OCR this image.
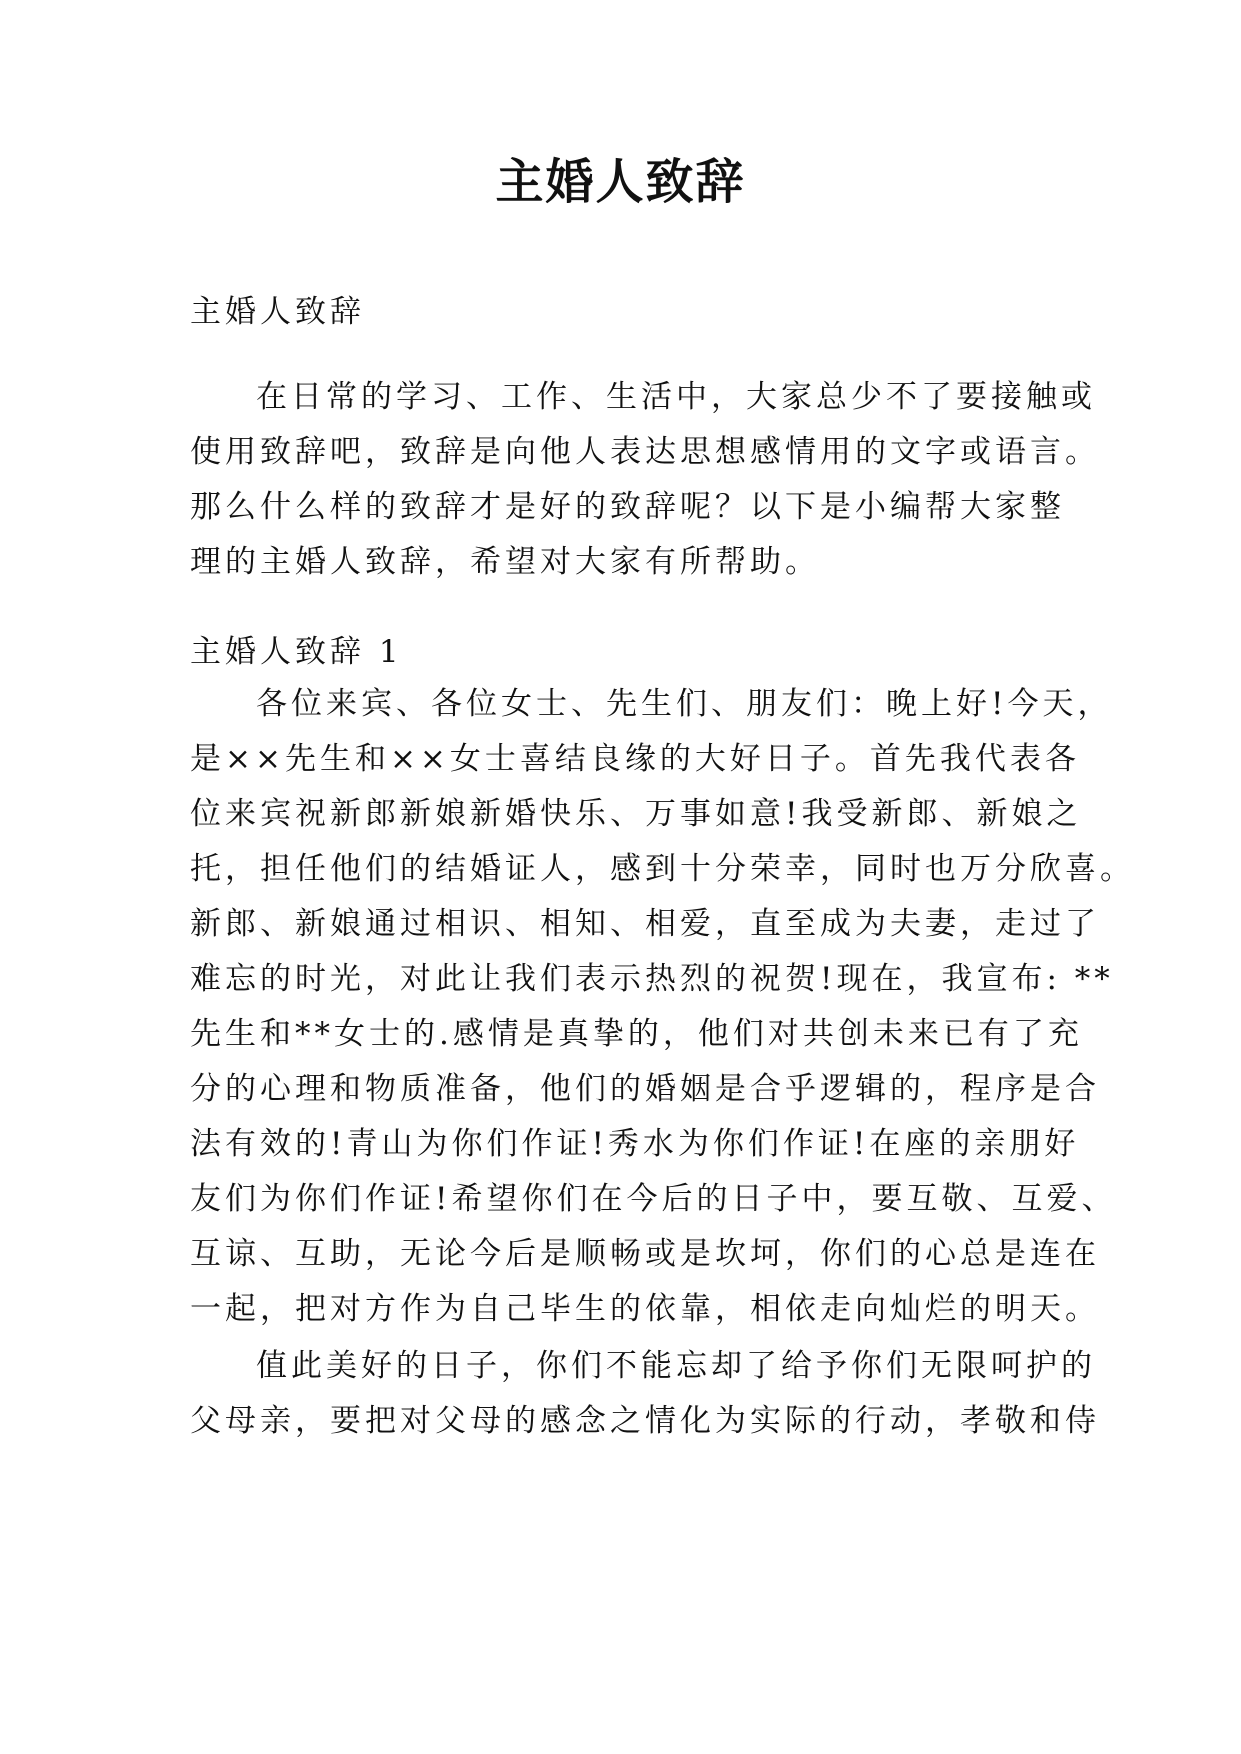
主婚人致辞
主婚人致辞
在日常的学习、工作、生活中，大家总少不了要接触或
使用致辞吧，致辞是向他人表达思想感情用的文字或语言。
那么什么样的致辞才是好的致辞呢？以下是小编帮大家整
理的主婚人致辞，希望对大家有所帮助。
主婚人致辞 1
各位来宾、各位女士、先生们、朋友们：晚上好!今天，
是××先生和××女士喜结良缘的大好日子。首先我代表各
位来宾祝新郎新娘新婚快乐、万事如意!我受新郎、新娘之
托，担任他们的结婚证人，感到十分荣幸，同时也万分欣喜。
新郎、新娘通过相识、相知、相爱，直至成为夫妻，走过了
难忘的时光，对此让我们表示热烈的祝贺!现在，我宣布: **
先生和**女士的.感情是真挚的，他们对共创未来已有了充
分的心理和物质准备，他们的婚姻是合乎逻辑的，程序是合
法有效的!青山为你们作证!秀水为你们作证!在座的亲朋好
友们为你们作证!希望你们在今后的日子中，要互敬、互爱、
互谅、互助，无论今后是顺畅或是坎坷，你们的心总是连在
一起，把对方作为自己毕生的依靠，相依走向灿烂的明天。
值此美好的日子，你们不能忘却了给予你们无限呵护的
父母亲，要把对父母的感念之情化为实际的行动，孝敬和侍
